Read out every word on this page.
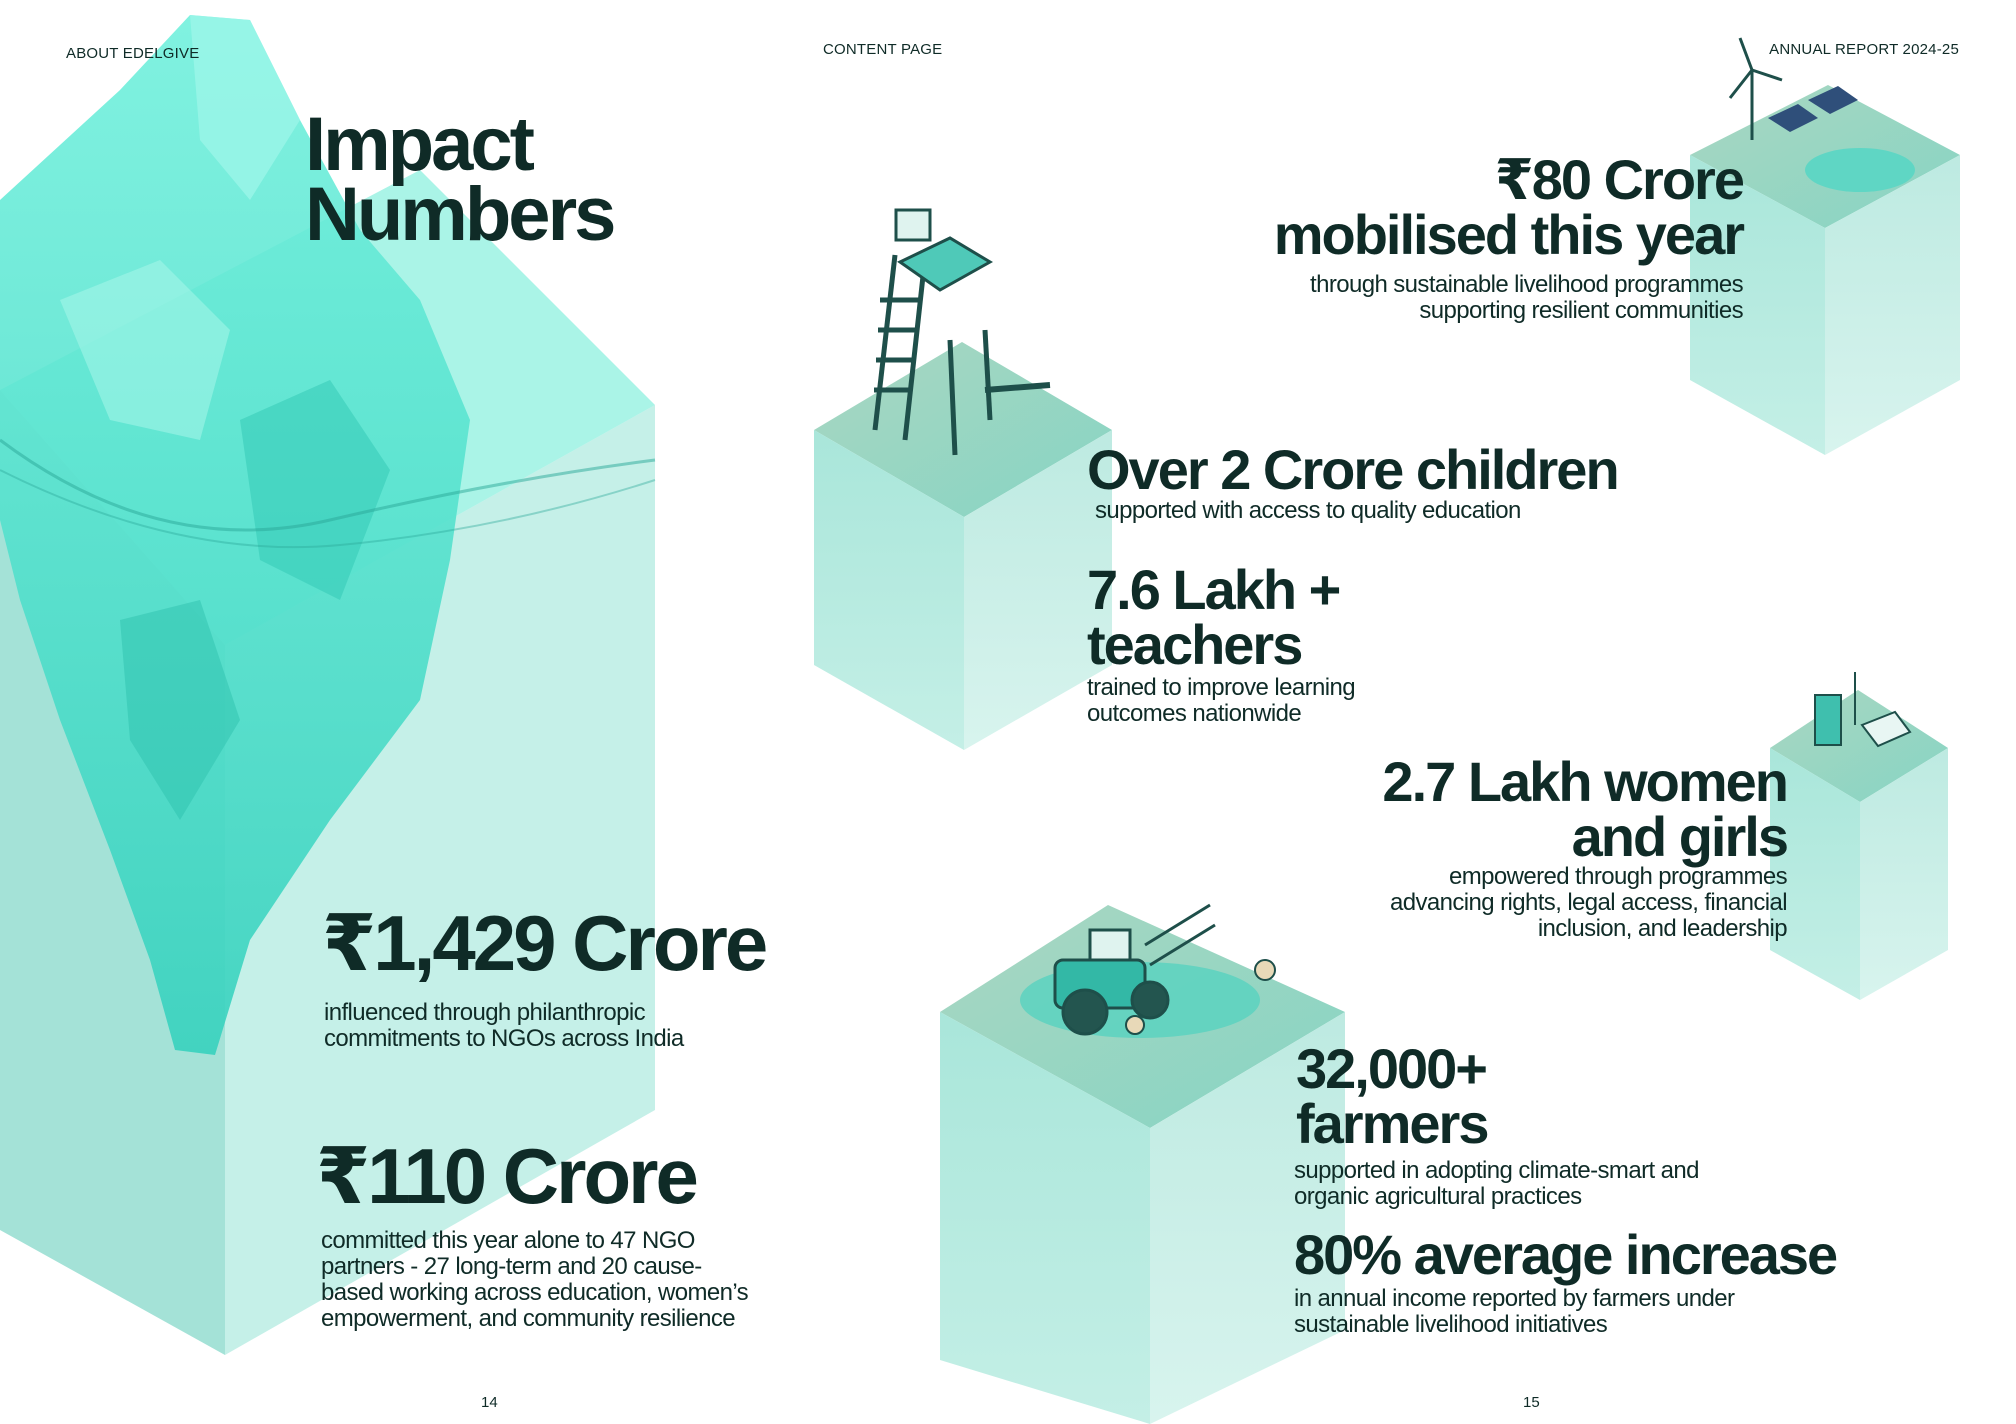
ABOUT EDELGIVE	CONTENT PAGE	ANNUAL REPORT 2024-25
Impact
Numbers	₹80 Crore
mobilised this year
through sustainable livelihood programmes
supporting resilient communities
Over 2 Crore children
supported with access to quality education
7.6 Lakh +
teachers
trained to improve learning
outcomes nationwide
2.7 Lakh women
and girls
empowered through programmes
advancing rights, legal access, financial
inclusion, and leadership
₹1,429 Crore
influenced through philanthropic
commitments to NGOs across India	32,000+
farmers
supported in adopting climate-smart and
organic agricultural practices
₹110 Crore
committed this year alone to 47 NGO
partners - 27 long-term and 20 cause-
based working across education, women’s
empowerment, and community resilience
80% average increase
in annual income reported by farmers under
sustainable livelihood initiatives
14	15
